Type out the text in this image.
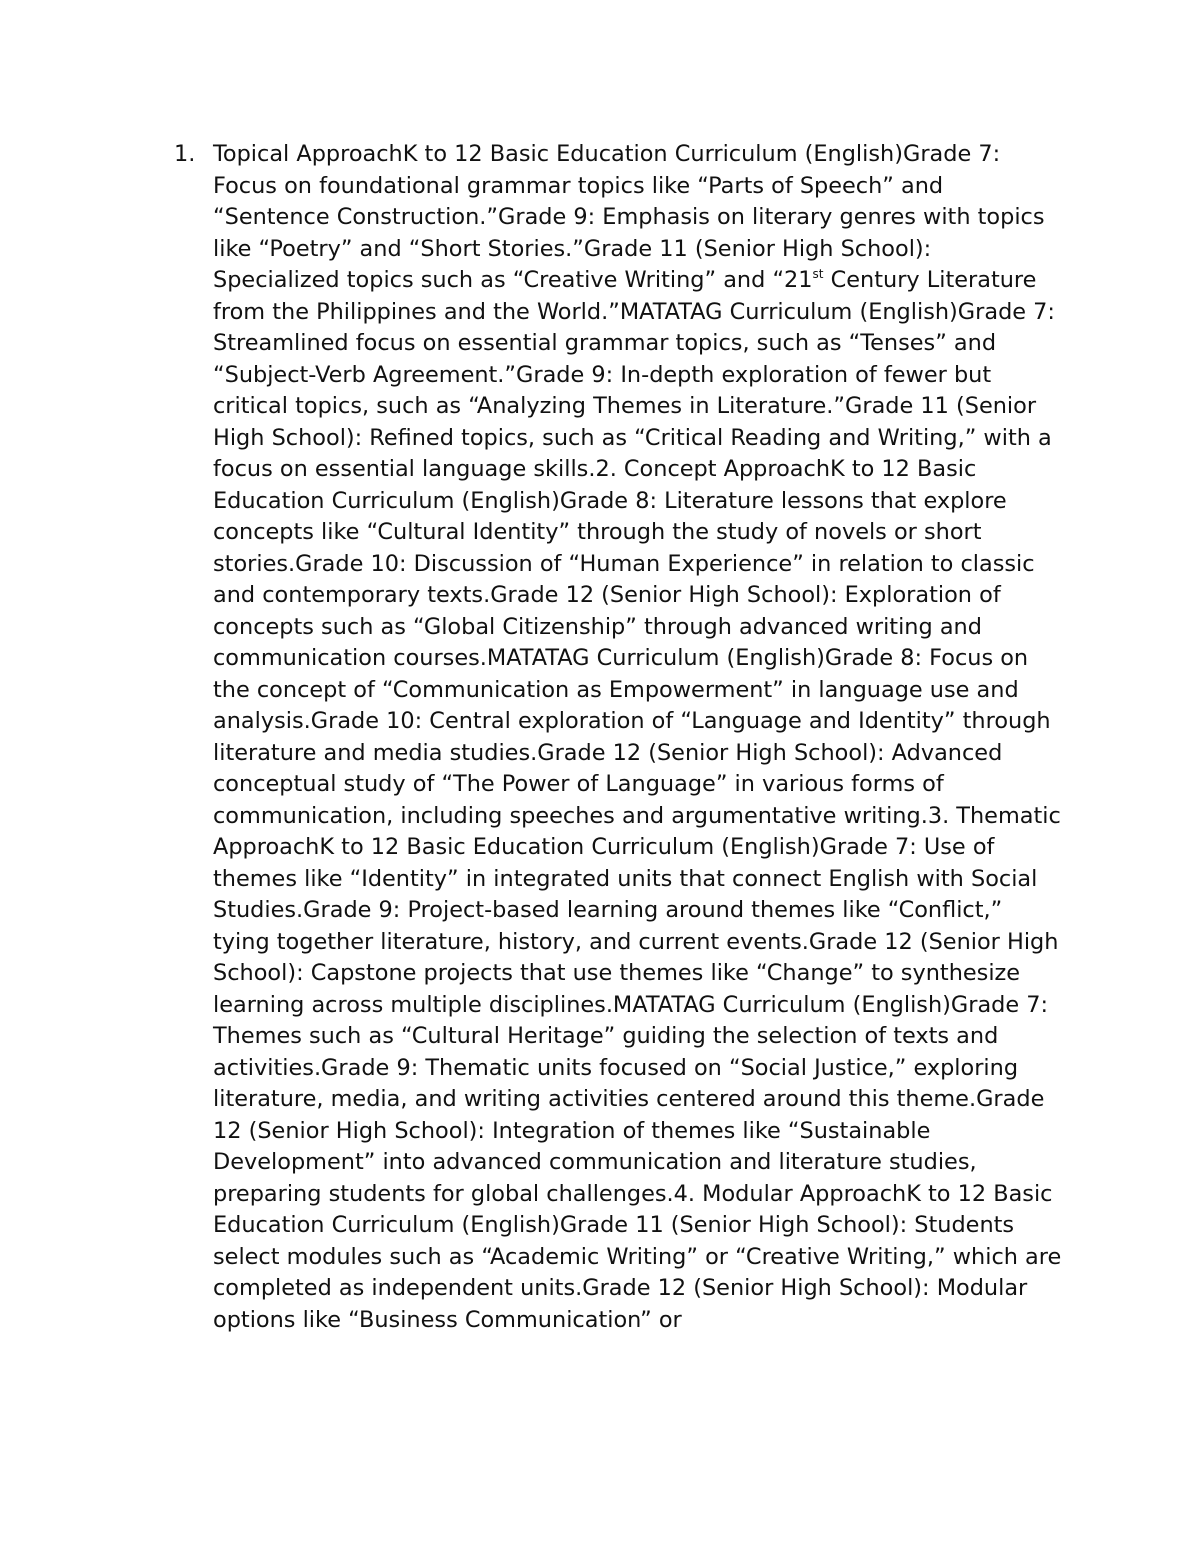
1. Topical ApproachK to 12 Basic Education Curriculum (English)Grade 7: Focus on foundational grammar topics like “Parts of Speech” and “Sentence Construction.”Grade 9: Emphasis on literary genres with topics like “Poetry” and “Short Stories.”Grade 11 (Senior High School): Specialized topics such as “Creative Writing” and “21st Century Literature from the Philippines and the World.”MATATAG Curriculum (English)Grade 7: Streamlined focus on essential grammar topics, such as “Tenses” and “Subject-Verb Agreement.”Grade 9: In-depth exploration of fewer but critical topics, such as “Analyzing Themes in Literature.”Grade 11 (Senior High School): Refined topics, such as “Critical Reading and Writing,” with a focus on essential language skills.2. Concept ApproachK to 12 Basic Education Curriculum (English)Grade 8: Literature lessons that explore concepts like “Cultural Identity” through the study of novels or short stories.Grade 10: Discussion of “Human Experience” in relation to classic and contemporary texts.Grade 12 (Senior High School): Exploration of concepts such as “Global Citizenship” through advanced writing and communication courses.MATATAG Curriculum (English)Grade 8: Focus on the concept of “Communication as Empowerment” in language use and analysis.Grade 10: Central exploration of “Language and Identity” through literature and media studies.Grade 12 (Senior High School): Advanced conceptual study of “The Power of Language” in various forms of communication, including speeches and argumentative writing.3. Thematic ApproachK to 12 Basic Education Curriculum (English)Grade 7: Use of themes like “Identity” in integrated units that connect English with Social Studies.Grade 9: Project-based learning around themes like “Conflict,” tying together literature, history, and current events.Grade 12 (Senior High School): Capstone projects that use themes like “Change” to synthesize learning across multiple disciplines.MATATAG Curriculum (English)Grade 7: Themes such as “Cultural Heritage” guiding the selection of texts and activities.Grade 9: Thematic units focused on “Social Justice,” exploring literature, media, and writing activities centered around this theme.Grade 12 (Senior High School): Integration of themes like “Sustainable Development” into advanced communication and literature studies, preparing students for global challenges.4. Modular ApproachK to 12 Basic Education Curriculum (English)Grade 11 (Senior High School): Students select modules such as “Academic Writing” or “Creative Writing,” which are completed as independent units.Grade 12 (Senior High School): Modular options like “Business Communication” or
